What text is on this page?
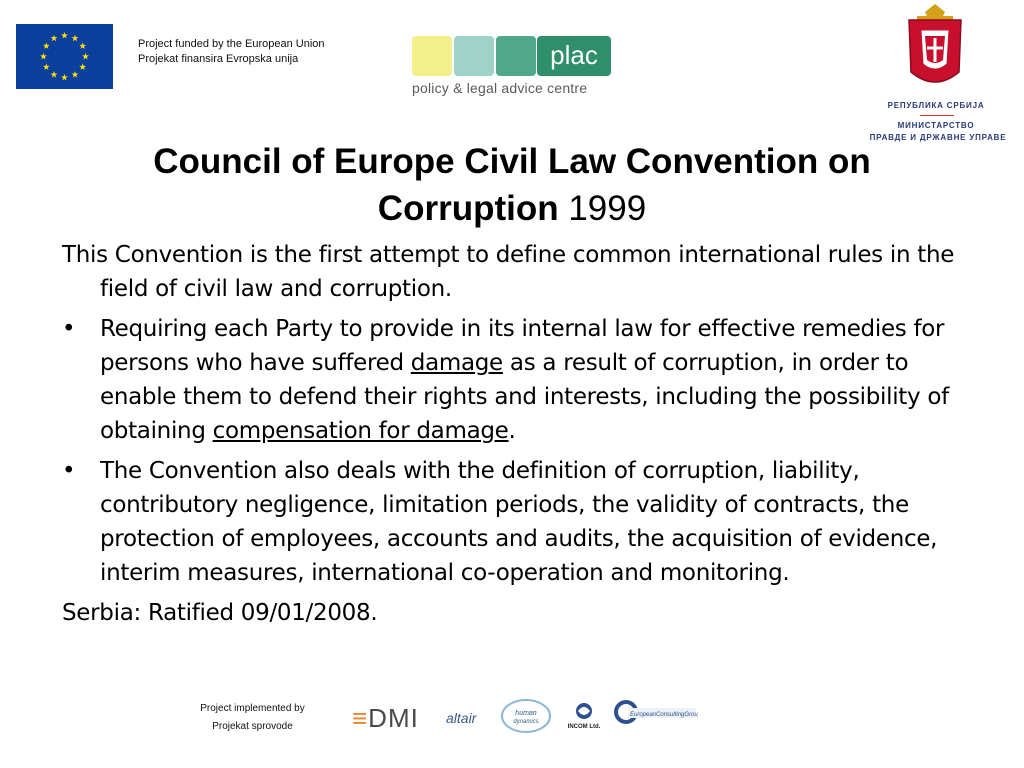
Project funded by the European Union
Projekat finansira Evropska unija	plac
policy & legal advice centre
РЕПУБЛИКА СРБИЈА
МИНИСТАРСТВО
ПРАВДЕ И ДРЖАВНЕ УПРАВЕ
Council of Europe Civil Law Convention on
Corruption 1999

This Convention is the first attempt to define common international rules in the field of civil law and corruption.

• Requiring each Party to provide in its internal law for effective remedies for persons who have suffered damage as a result of corruption, in order to enable them to defend their rights and interests, including the possibility of obtaining compensation for damage.
• The Convention also deals with the definition of corruption, liability, contributory negligence, limitation periods, the validity of contracts, the protection of employees, accounts and audits, the acquisition of evidence, interim measures, international co-operation and monitoring.

Serbia: Ratified 09/01/2008.

Project implemented by
Projekat sprovode	≡DMI altair	human
dynamics
INCOM Ltd.
EuropeanConsultingGroup
